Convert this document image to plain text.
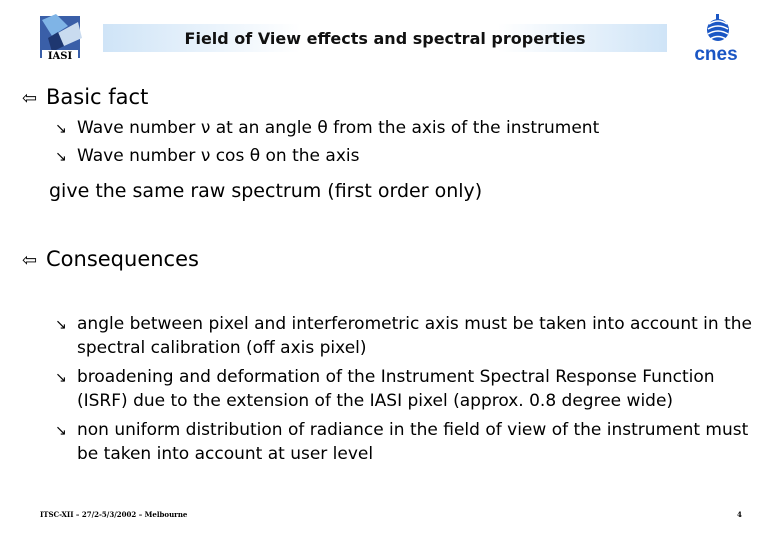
IASI
Field of View effects and spectral properties
cnes
⇦ Basic fact
↘ Wave number ν at an angle θ from the axis of the instrument
↘ Wave number ν cos θ on the axis
give the same raw spectrum (first order only)
⇦ Consequences
↘ angle between pixel and interferometric axis must be taken into account in the
spectral calibration (off axis pixel)
↘ broadening and deformation of the Instrument Spectral Response Function
(ISRF) due to the extension of the IASI pixel (approx. 0.8 degree wide)
↘ non uniform distribution of radiance in the field of view of the instrument must
be taken into account at user level
ITSC-XII – 27/2-5/3/2002 – Melbourne	4
